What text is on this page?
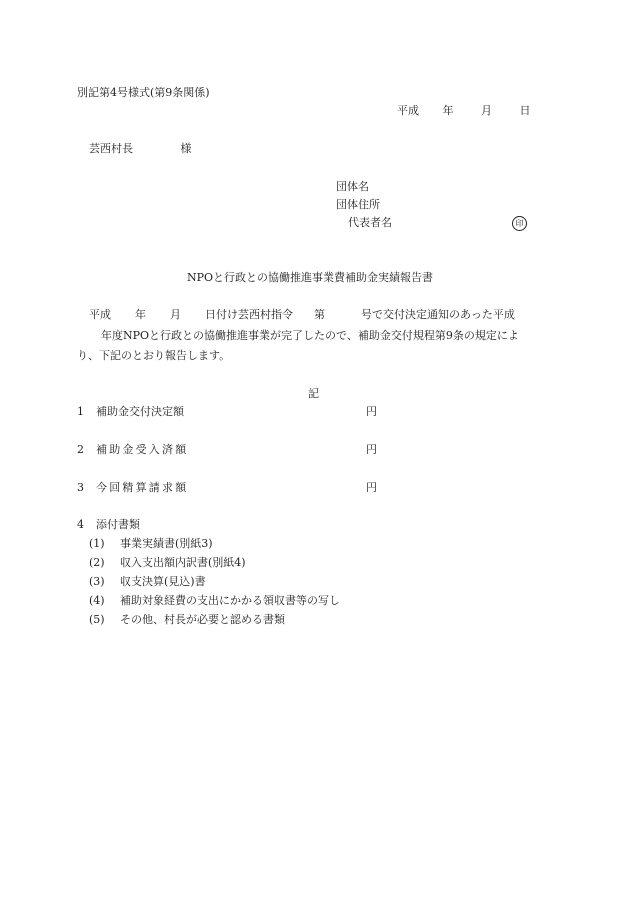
別記第4号様式(第9条関係)
平成 年	月	日
芸西村長	様
団体名
団体住所
代表者名	印
NPOと行政との協働推進事業費補助金実績報告書
平成 年 月 日付け芸西村指令 第	号で交付決定通知のあった平成
年度NPOと行政との協働推進事業が完了したので、補助金交付規程第9条の規定によ
り、下記のとおり報告します。
記
1 補助金交付決定額	円
2 補助金受入済額	円
3 今回精算請求額	円
4 添付書類
(1) 事業実績書(別紙3)
(2) 収入支出額内訳書(別紙4)
(3) 収支決算(見込)書
(4) 補助対象経費の支出にかかる領収書等の写し
(5) その他、村長が必要と認める書類
